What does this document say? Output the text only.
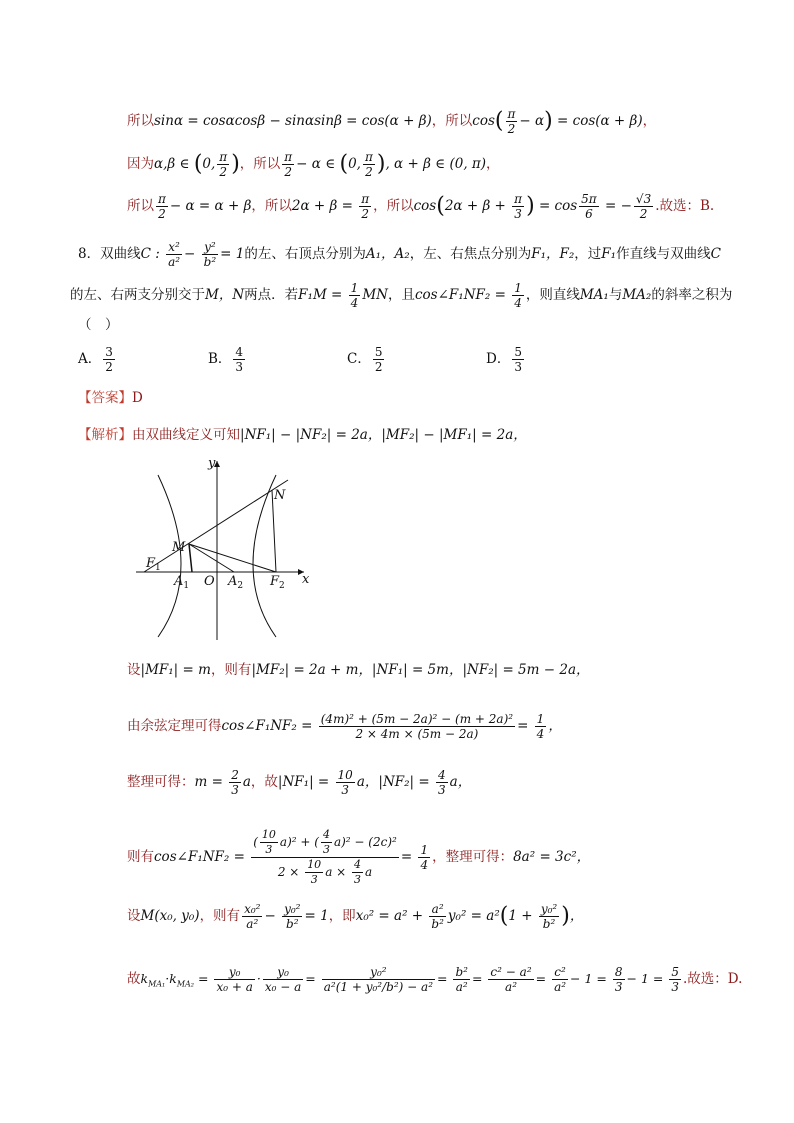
所以sinα = cosαcosβ − sinαsinβ = cos(α + β)，所以$\cos( \frac{\pi}{2} - \alpha) = \cos(\alpha + \beta)$，
因为α,β ∈ (0, $\frac{\pi}{2}$ )，所以 $\frac{\pi}{2} - \alpha$ ∈ (0, $\frac{\pi}{2}$ ), α + β ∈ (0, π)，
所以 $\frac{\pi}{2} - \alpha = \alpha + \beta$，所以$2\alpha + \beta = \frac{\pi}{2}$ ，所以$\cos(2\alpha + \beta + \frac{\pi}{3}$ ) = $\cos \frac{5\pi}{6}$ = − $\frac{√3}{2}$ .故选：B.
8．双曲线C : $\frac{\text{x²}}{\text{a²}} - \frac{\text{y²}}{\text{b²}} = 1$的左、右顶点分别为A₁，A₂，左、右焦点分别为F₁，F₂，过F₁作直线与双曲线C
的左、右两支分别交于M，N两点．若$F_1M = \frac{1}{4}$ MN，且cos∠F₁NF₂ = $\frac{1}{4}$ ，则直线MA₁与MA₂的斜率之积为
（　）
A． $\frac{3}{2}$	B． $\frac{4}{3}$	C． $\frac{5}{2}$	D． $\frac{5}{3}$
【答案】D
【解析】由双曲线定义可知|NF₁| − |NF₂| = 2a，|MF₂| − |MF₁| = 2a，
y
x
M
N
O
$F_1$
$A_1$	$A_2$ $F_2$
设|MF₁| = m，则有|MF₂| = 2a + m，|NF₁| = 5m，|NF₂| = 5m − 2a，
由余弦定理可得cos∠F₁NF₂ = $\frac{\text{(4m)² + (5m − 2a)² − (m + 2a)²}}{2 \times 4m \times (5m - 2a)} = \frac{1}{4}$ ，
整理可得：$m = \frac{2}{3}$ a，故$|NF_1| = \frac{10}{3}$ a，$|NF_2| = \frac{4}{3}$ a，
则有cos∠F₁NF₂ = $\frac{( \frac{10}{3} a)^2 + ( \frac{4}{3} a)^2 - (2c)^2}{2 \times \frac{10}{3} a \times \frac{4}{3} a} = \frac{1}{4}$ ，整理可得：8a² = 3c²，
设M(x₀, y₀)，则有 $\frac{\text{x₀²}}{\text{a²}} - \frac{\text{y₀²}}{\text{b²}} = 1$，即$x_0^2 = a^2 + \frac{\text{a²}}{\text{b²}} y_0^2 = a^2(1 + \frac{\text{y₀²}}{\text{b²}}$ )，
故$k_{MA_1}\cdot k_{MA_2} = \frac{\text{y₀}}{\text{x₀ + a}} \cdot \frac{\text{y₀}}{\text{x₀ − a}} = \frac{\text{y₀²}}{\text{a²(1 + y₀²/b²) − a²}} = \frac{\text{b²}}{\text{a²}} = \frac{\text{c² − a²}}{\text{a²}} = \frac{\text{c²}}{\text{a²}} - 1 = \frac{8}{3} - 1 = \frac{5}{3}$ .故选：D.
